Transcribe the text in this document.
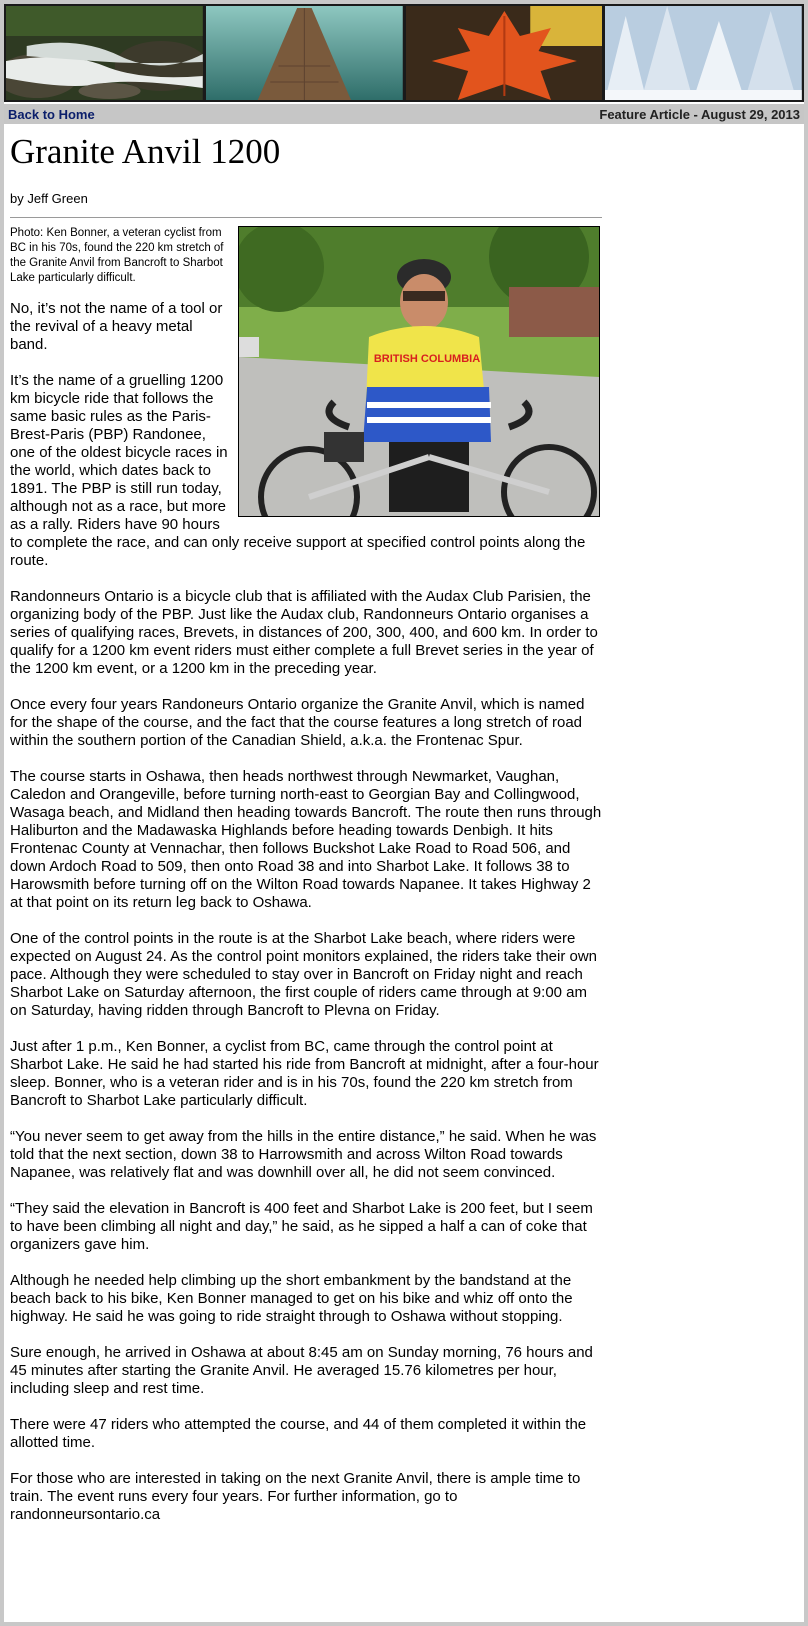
Back to Home	Feature Article - August 29, 2013
Granite Anvil 1200
by Jeff Green
BRITISH COLUMBIA
Photo: Ken Bonner, a veteran cyclist from BC in his 70s, found the 220 km stretch of the Granite Anvil from Bancroft to Sharbot Lake particularly difficult.

No, it’s not the name of a tool or the revival of a heavy metal band.

It’s the name of a gruelling 1200 km bicycle ride that follows the same basic rules as the Paris-Brest-Paris (PBP) Randonee, one of the oldest bicycle races in the world, which dates back to 1891. The PBP is still run today, although not as a race, but more as a rally. Riders have 90 hours to complete the race, and can only receive support at specified control points along the route.

Randonneurs Ontario is a bicycle club that is affiliated with the Audax Club Parisien, the organizing body of the PBP. Just like the Audax club, Randonneurs Ontario organises a series of qualifying races, Brevets, in distances of 200, 300, 400, and 600 km. In order to qualify for a 1200 km event riders must either complete a full Brevet series in the year of the 1200 km event, or a 1200 km in the preceding year.

Once every four years Randoneurs Ontario organize the Granite Anvil, which is named for the shape of the course, and the fact that the course features a long stretch of road within the southern portion of the Canadian Shield, a.k.a. the Frontenac Spur.

The course starts in Oshawa, then heads northwest through Newmarket, Vaughan, Caledon and Orangeville, before turning north-east to Georgian Bay and Collingwood, Wasaga beach, and Midland then heading towards Bancroft. The route then runs through Haliburton and the Madawaska Highlands before heading towards Denbigh. It hits Frontenac County at Vennachar, then follows Buckshot Lake Road to Road 506, and down Ardoch Road to 509, then onto Road 38 and into Sharbot Lake. It follows 38 to Harowsmith before turning off on the Wilton Road towards Napanee. It takes Highway 2 at that point on its return leg back to Oshawa.

One of the control points in the route is at the Sharbot Lake beach, where riders were expected on August 24. As the control point monitors explained, the riders take their own pace. Although they were scheduled to stay over in Bancroft on Friday night and reach Sharbot Lake on Saturday afternoon, the first couple of riders came through at 9:00 am on Saturday, having ridden through Bancroft to Plevna on Friday.

Just after 1 p.m., Ken Bonner, a cyclist from BC, came through the control point at Sharbot Lake. He said he had started his ride from Bancroft at midnight, after a four-hour sleep. Bonner, who is a veteran rider and is in his 70s, found the 220 km stretch from Bancroft to Sharbot Lake particularly difficult.

“You never seem to get away from the hills in the entire distance,” he said. When he was told that the next section, down 38 to Harrowsmith and across Wilton Road towards Napanee, was relatively flat and was downhill over all, he did not seem convinced.

“They said the elevation in Bancroft is 400 feet and Sharbot Lake is 200 feet, but I seem to have been climbing all night and day,” he said, as he sipped a half a can of coke that organizers gave him.

Although he needed help climbing up the short embankment by the bandstand at the beach back to his bike, Ken Bonner managed to get on his bike and whiz off onto the highway. He said he was going to ride straight through to Oshawa without stopping.

Sure enough, he arrived in Oshawa at about 8:45 am on Sunday morning, 76 hours and 45 minutes after starting the Granite Anvil. He averaged 15.76 kilometres per hour, including sleep and rest time.

There were 47 riders who attempted the course, and 44 of them completed it within the allotted time.

For those who are interested in taking on the next Granite Anvil, there is ample time to train. The event runs every four years. For further information, go to randonneursontario.ca
